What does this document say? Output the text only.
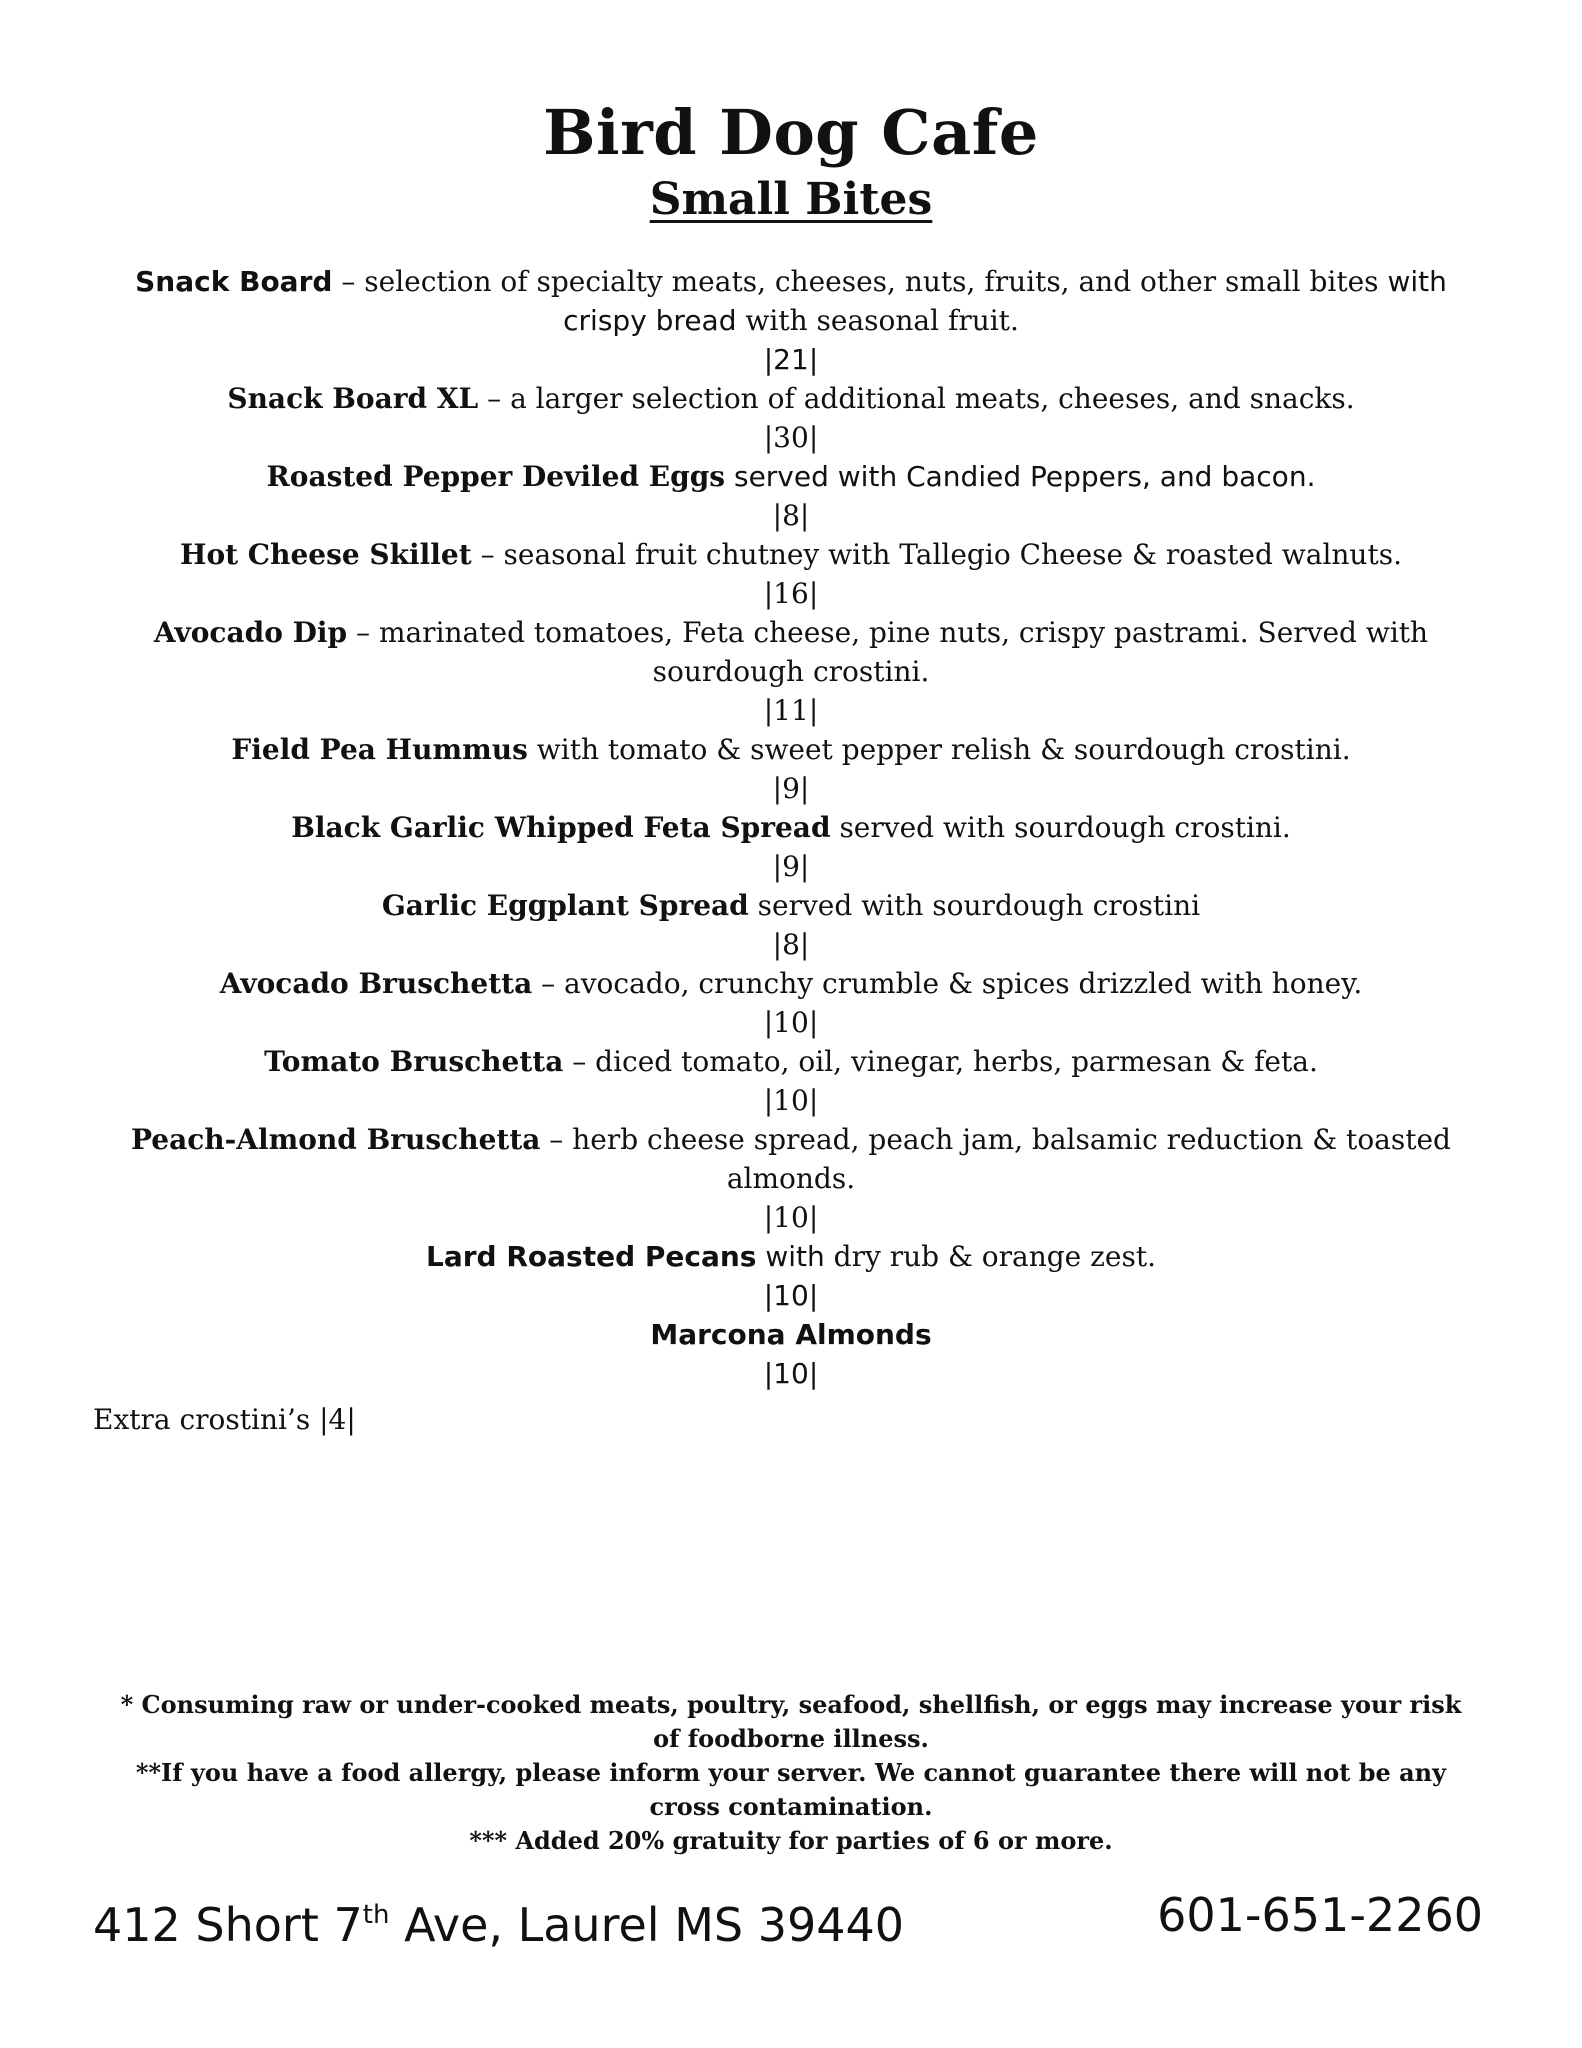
Bird Dog Cafe
Small Bites

Snack Board – selection of specialty meats, cheeses, nuts, fruits, and other small bites with crispy bread with seasonal fruit.

|21|

Snack Board XL – a larger selection of additional meats, cheeses, and snacks.

|30|

Roasted Pepper Deviled Eggs served with Candied Peppers, and bacon.

|8|

Hot Cheese Skillet – seasonal fruit chutney with Tallegio Cheese & roasted walnuts.

|16|

Avocado Dip – marinated tomatoes, Feta cheese, pine nuts, crispy pastrami. Served with sourdough crostini.

|11|

Field Pea Hummus with tomato & sweet pepper relish & sourdough crostini.

|9|

Black Garlic Whipped Feta Spread served with sourdough crostini.

|9|

Garlic Eggplant Spread served with sourdough crostini

|8|

Avocado Bruschetta – avocado, crunchy crumble & spices drizzled with honey.

|10|

Tomato Bruschetta – diced tomato, oil, vinegar, herbs, parmesan & feta.

|10|

Peach-Almond Bruschetta – herb cheese spread, peach jam, balsamic reduction & toasted almonds.

|10|

Lard Roasted Pecans with dry rub & orange zest.

|10|

Marcona Almonds

|10|

Extra crostini’s |4|

* Consuming raw or under-cooked meats, poultry, seafood, shellfish, or eggs may increase your risk of foodborne illness.

**If you have a food allergy, please inform your server. We cannot guarantee there will not be any cross contamination.

*** Added 20% gratuity for parties of 6 or more.

412 Short 7th Ave, Laurel MS 39440	601-651-2260
